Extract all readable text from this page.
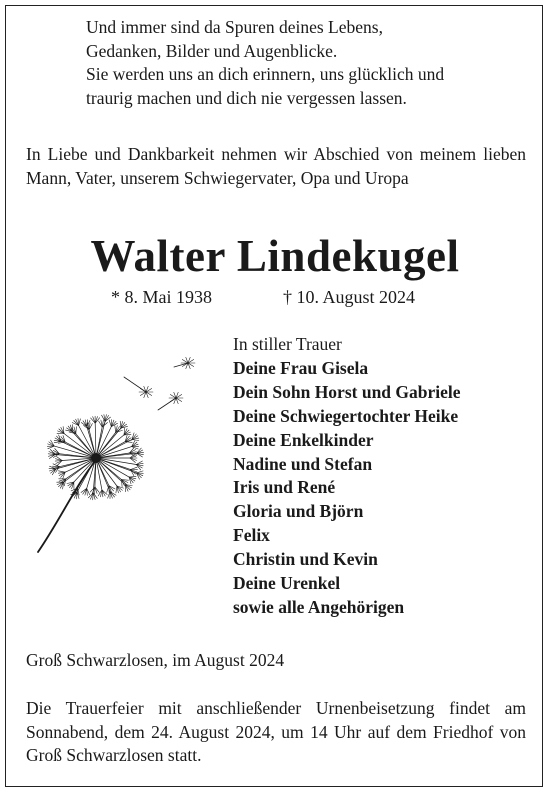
Und immer sind da Spuren deines Lebens,
Gedanken, Bilder und Augenblicke.
Sie werden uns an dich erinnern, uns glücklich und
traurig machen und dich nie vergessen lassen.
In Liebe und Dankbarkeit nehmen wir Abschied von meinem lieben Mann, Vater, unserem Schwiegervater, Opa und Uropa
Walter Lindekugel
* 8. Mai 1938	† 10. August 2024
In stiller Trauer
Deine Frau Gisela
Dein Sohn Horst und Gabriele
Deine Schwiegertochter Heike
Deine Enkelkinder
Nadine und Stefan
Iris und René
Gloria und Björn
Felix
Christin und Kevin
Deine Urenkel
sowie alle Angehörigen
Groß Schwarzlosen, im August 2024
Die Trauerfeier mit anschließender Urnenbeisetzung findet am Sonnabend, dem 24. August 2024, um 14 Uhr auf dem Friedhof von Groß Schwarzlosen statt.
